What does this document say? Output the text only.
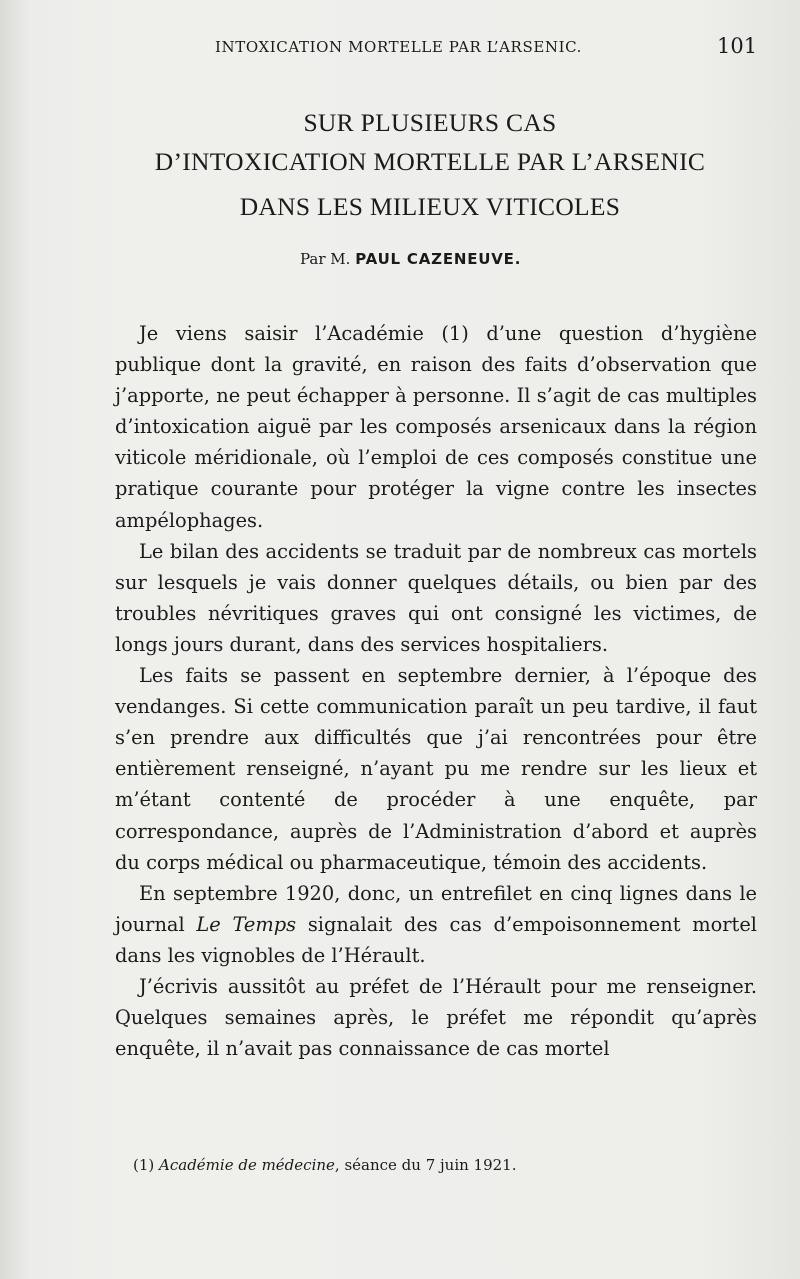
INTOXICATION MORTELLE PAR L’ARSENIC.	101
SUR PLUSIEURS CAS
D’INTOXICATION MORTELLE PAR L’ARSENIC
DANS LES MILIEUX VITICOLES
Par M. PAUL CAZENEUVE.

Je viens saisir l’Académie (1) d’une question d’hygiène publique dont la gravité, en raison des faits d’observation que j’apporte, ne peut échapper à personne. Il s’agit de cas multiples d’intoxication aiguë par les composés arsenicaux dans la région viticole méridionale, où l’emploi de ces composés constitue une pratique courante pour protéger la vigne contre les insectes ampélophages.

Le bilan des accidents se traduit par de nombreux cas mortels sur lesquels je vais donner quelques détails, ou bien par des troubles névritiques graves qui ont consigné les victimes, de longs jours durant, dans des services hospitaliers.

Les faits se passent en septembre dernier, à l’époque des vendanges. Si cette communication paraît un peu tardive, il faut s’en prendre aux difficultés que j’ai rencontrées pour être entièrement renseigné, n’ayant pu me rendre sur les lieux et m’étant contenté de procéder à une enquête, par correspondance, auprès de l’Administration d’abord et auprès du corps médical ou pharmaceutique, témoin des accidents.

En septembre 1920, donc, un entrefilet en cinq lignes dans le journal Le Temps signalait des cas d’empoisonnement mortel dans les vignobles de l’Hérault.

J’écrivis aussitôt au préfet de l’Hérault pour me renseigner. Quelques semaines après, le préfet me répondit qu’après enquête, il n’avait pas connaissance de cas mortel

(1) Académie de médecine, séance du 7 juin 1921.
